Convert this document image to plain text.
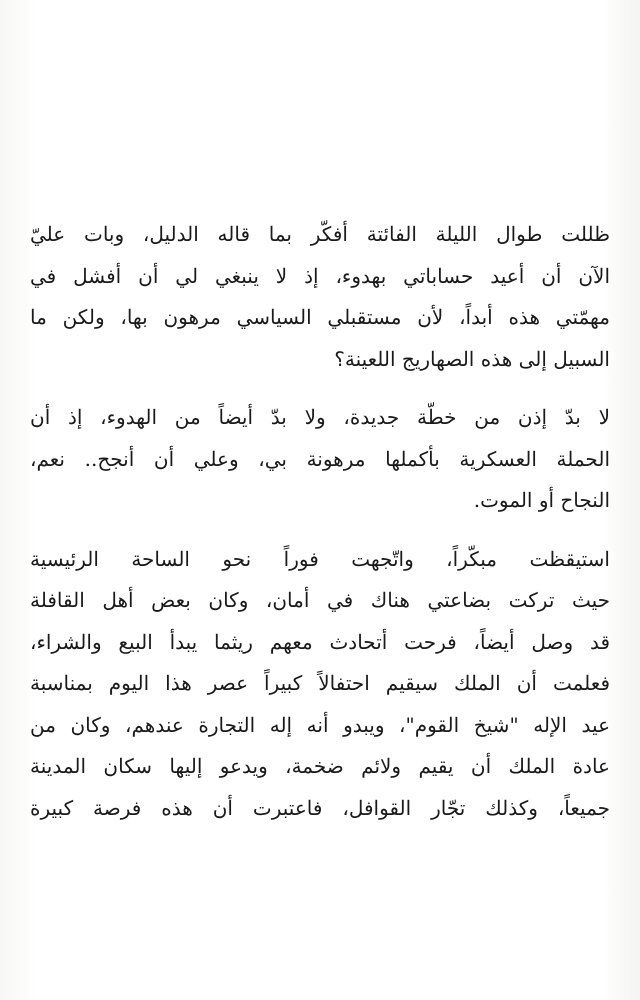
ظللت طوال الليلة الفائتة أفكّر بما قاله الدليل، وبات عليّ
الآن أن أعيد حساباتي بهدوء، إذ لا ينبغي لي أن أفشل في
مهمّتي هذه أبداً، لأن مستقبلي السياسي مرهون بها، ولكن ما
السبيل إلى هذه الصهاريج اللعينة؟
لا بدّ إذن من خطّة جديدة، ولا بدّ أيضاً من الهدوء، إذ أن
الحملة العسكرية بأكملها مرهونة بي، وعلي أن أنجح.. نعم،
النجاح أو الموت.
استيقظت مبكّراً، واتّجهت فوراً نحو الساحة الرئيسية
حيث تركت بضاعتي هناك في أمان، وكان بعض أهل القافلة
قد وصل أيضاً، فرحت أتحادث معهم ريثما يبدأ البيع والشراء،
فعلمت أن الملك سيقيم احتفالاً كبيراً عصر هذا اليوم بمناسبة
عيد الإله "شيخ القوم"، ويبدو أنه إله التجارة عندهم، وكان من
عادة الملك أن يقيم ولائم ضخمة، ويدعو إليها سكان المدينة
جميعاً، وكذلك تجّار القوافل، فاعتبرت أن هذه فرصة كبيرة
